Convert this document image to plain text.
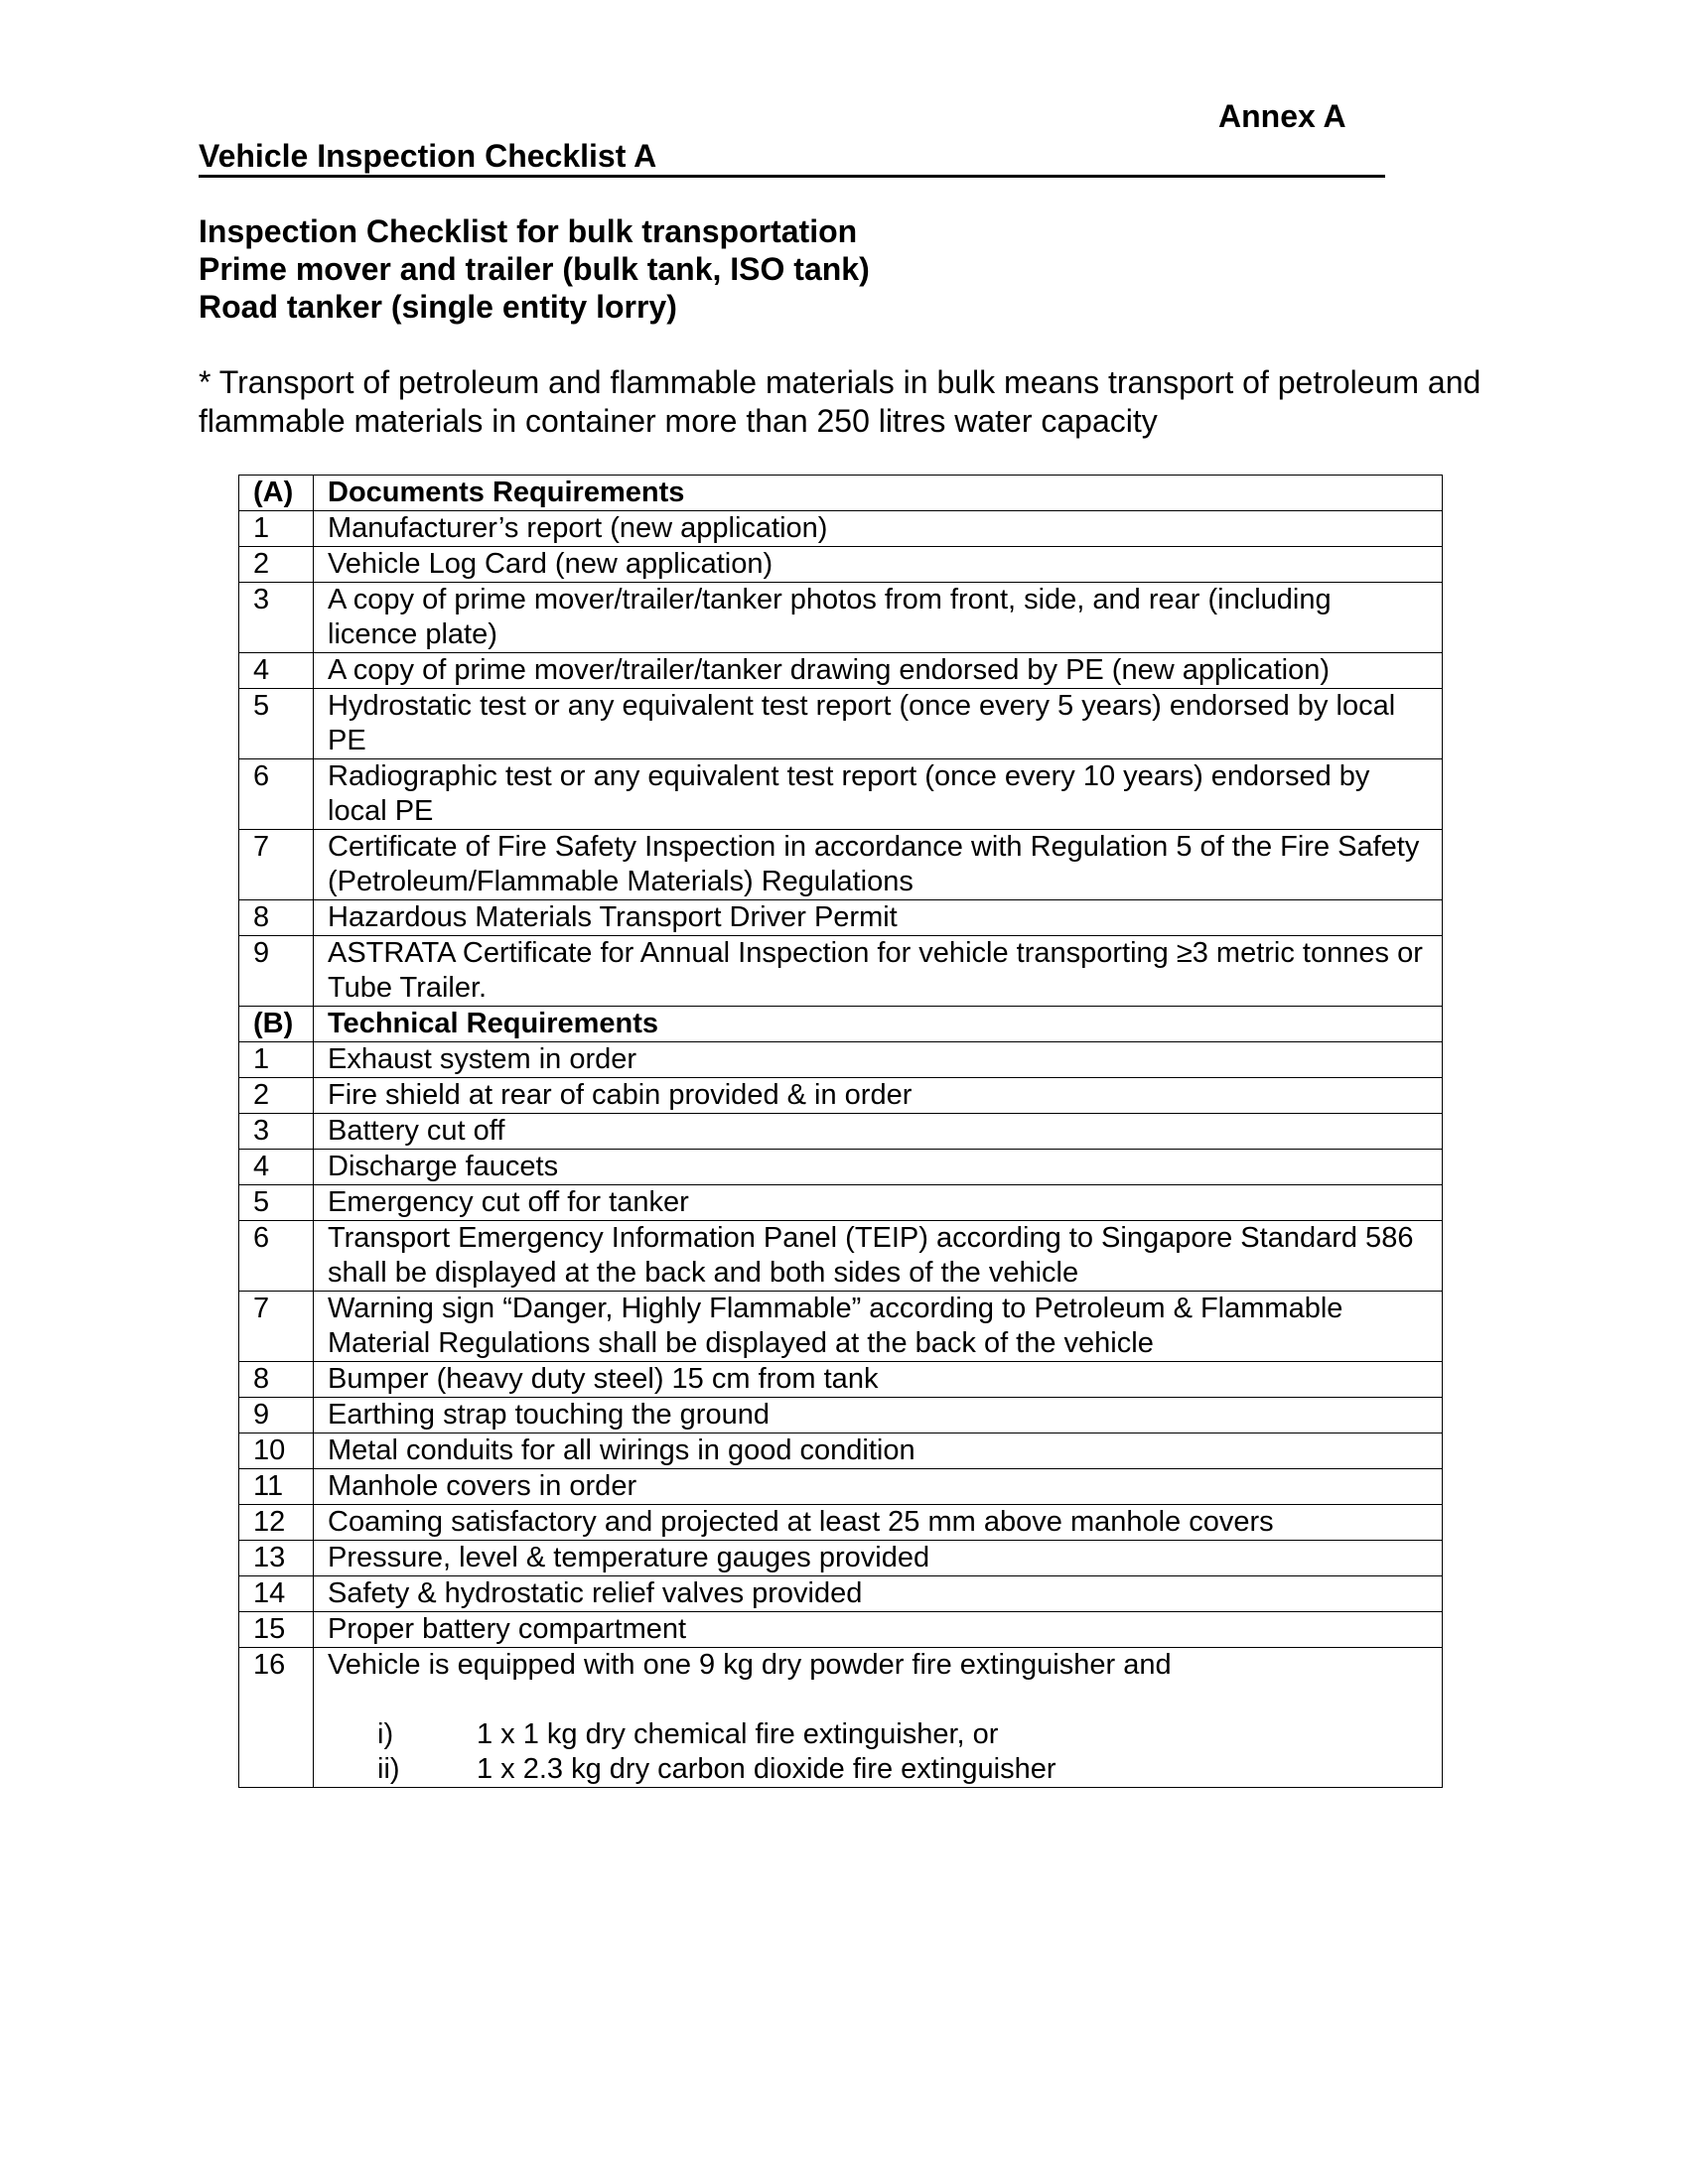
Annex A
Vehicle Inspection Checklist A
Inspection Checklist for bulk transportation
Prime mover and trailer (bulk tank, ISO tank)
Road tanker (single entity lorry)
* Transport of petroleum and flammable materials in bulk means transport of petroleum and flammable materials in container more than 250 litres water capacity
(A)	Documents Requirements
1	Manufacturer’s report (new application)
2	Vehicle Log Card (new application)
3	A copy of prime mover/trailer/tanker photos from front, side, and rear (including licence plate)
4	A copy of prime mover/trailer/tanker drawing endorsed by PE (new application)
5	Hydrostatic test or any equivalent test report (once every 5 years) endorsed by local PE
6	Radiographic test or any equivalent test report (once every 10 years) endorsed by local PE
7	Certificate of Fire Safety Inspection in accordance with Regulation 5 of the Fire Safety (Petroleum/Flammable Materials) Regulations
8	Hazardous Materials Transport Driver Permit
9	ASTRATA Certificate for Annual Inspection for vehicle transporting ≥3 metric tonnes or Tube Trailer.
(B)	Technical Requirements
1	Exhaust system in order
2	Fire shield at rear of cabin provided & in order
3	Battery cut off
4	Discharge faucets
5	Emergency cut off for tanker
6	Transport Emergency Information Panel (TEIP) according to Singapore Standard 586 shall be displayed at the back and both sides of the vehicle
7	Warning sign “Danger, Highly Flammable” according to Petroleum & Flammable Material Regulations shall be displayed at the back of the vehicle
8	Bumper (heavy duty steel) 15 cm from tank
9	Earthing strap touching the ground
10	Metal conduits for all wirings in good condition
11	Manhole covers in order
12	Coaming satisfactory and projected at least 25 mm above manhole covers
13	Pressure, level & temperature gauges provided
14	Safety & hydrostatic relief valves provided
15	Proper battery compartment
16	Vehicle is equipped with one 9 kg dry powder fire extinguisher and
i) 1 x 1 kg dry chemical fire extinguisher, or
ii) 1 x 2.3 kg dry carbon dioxide fire extinguisher
